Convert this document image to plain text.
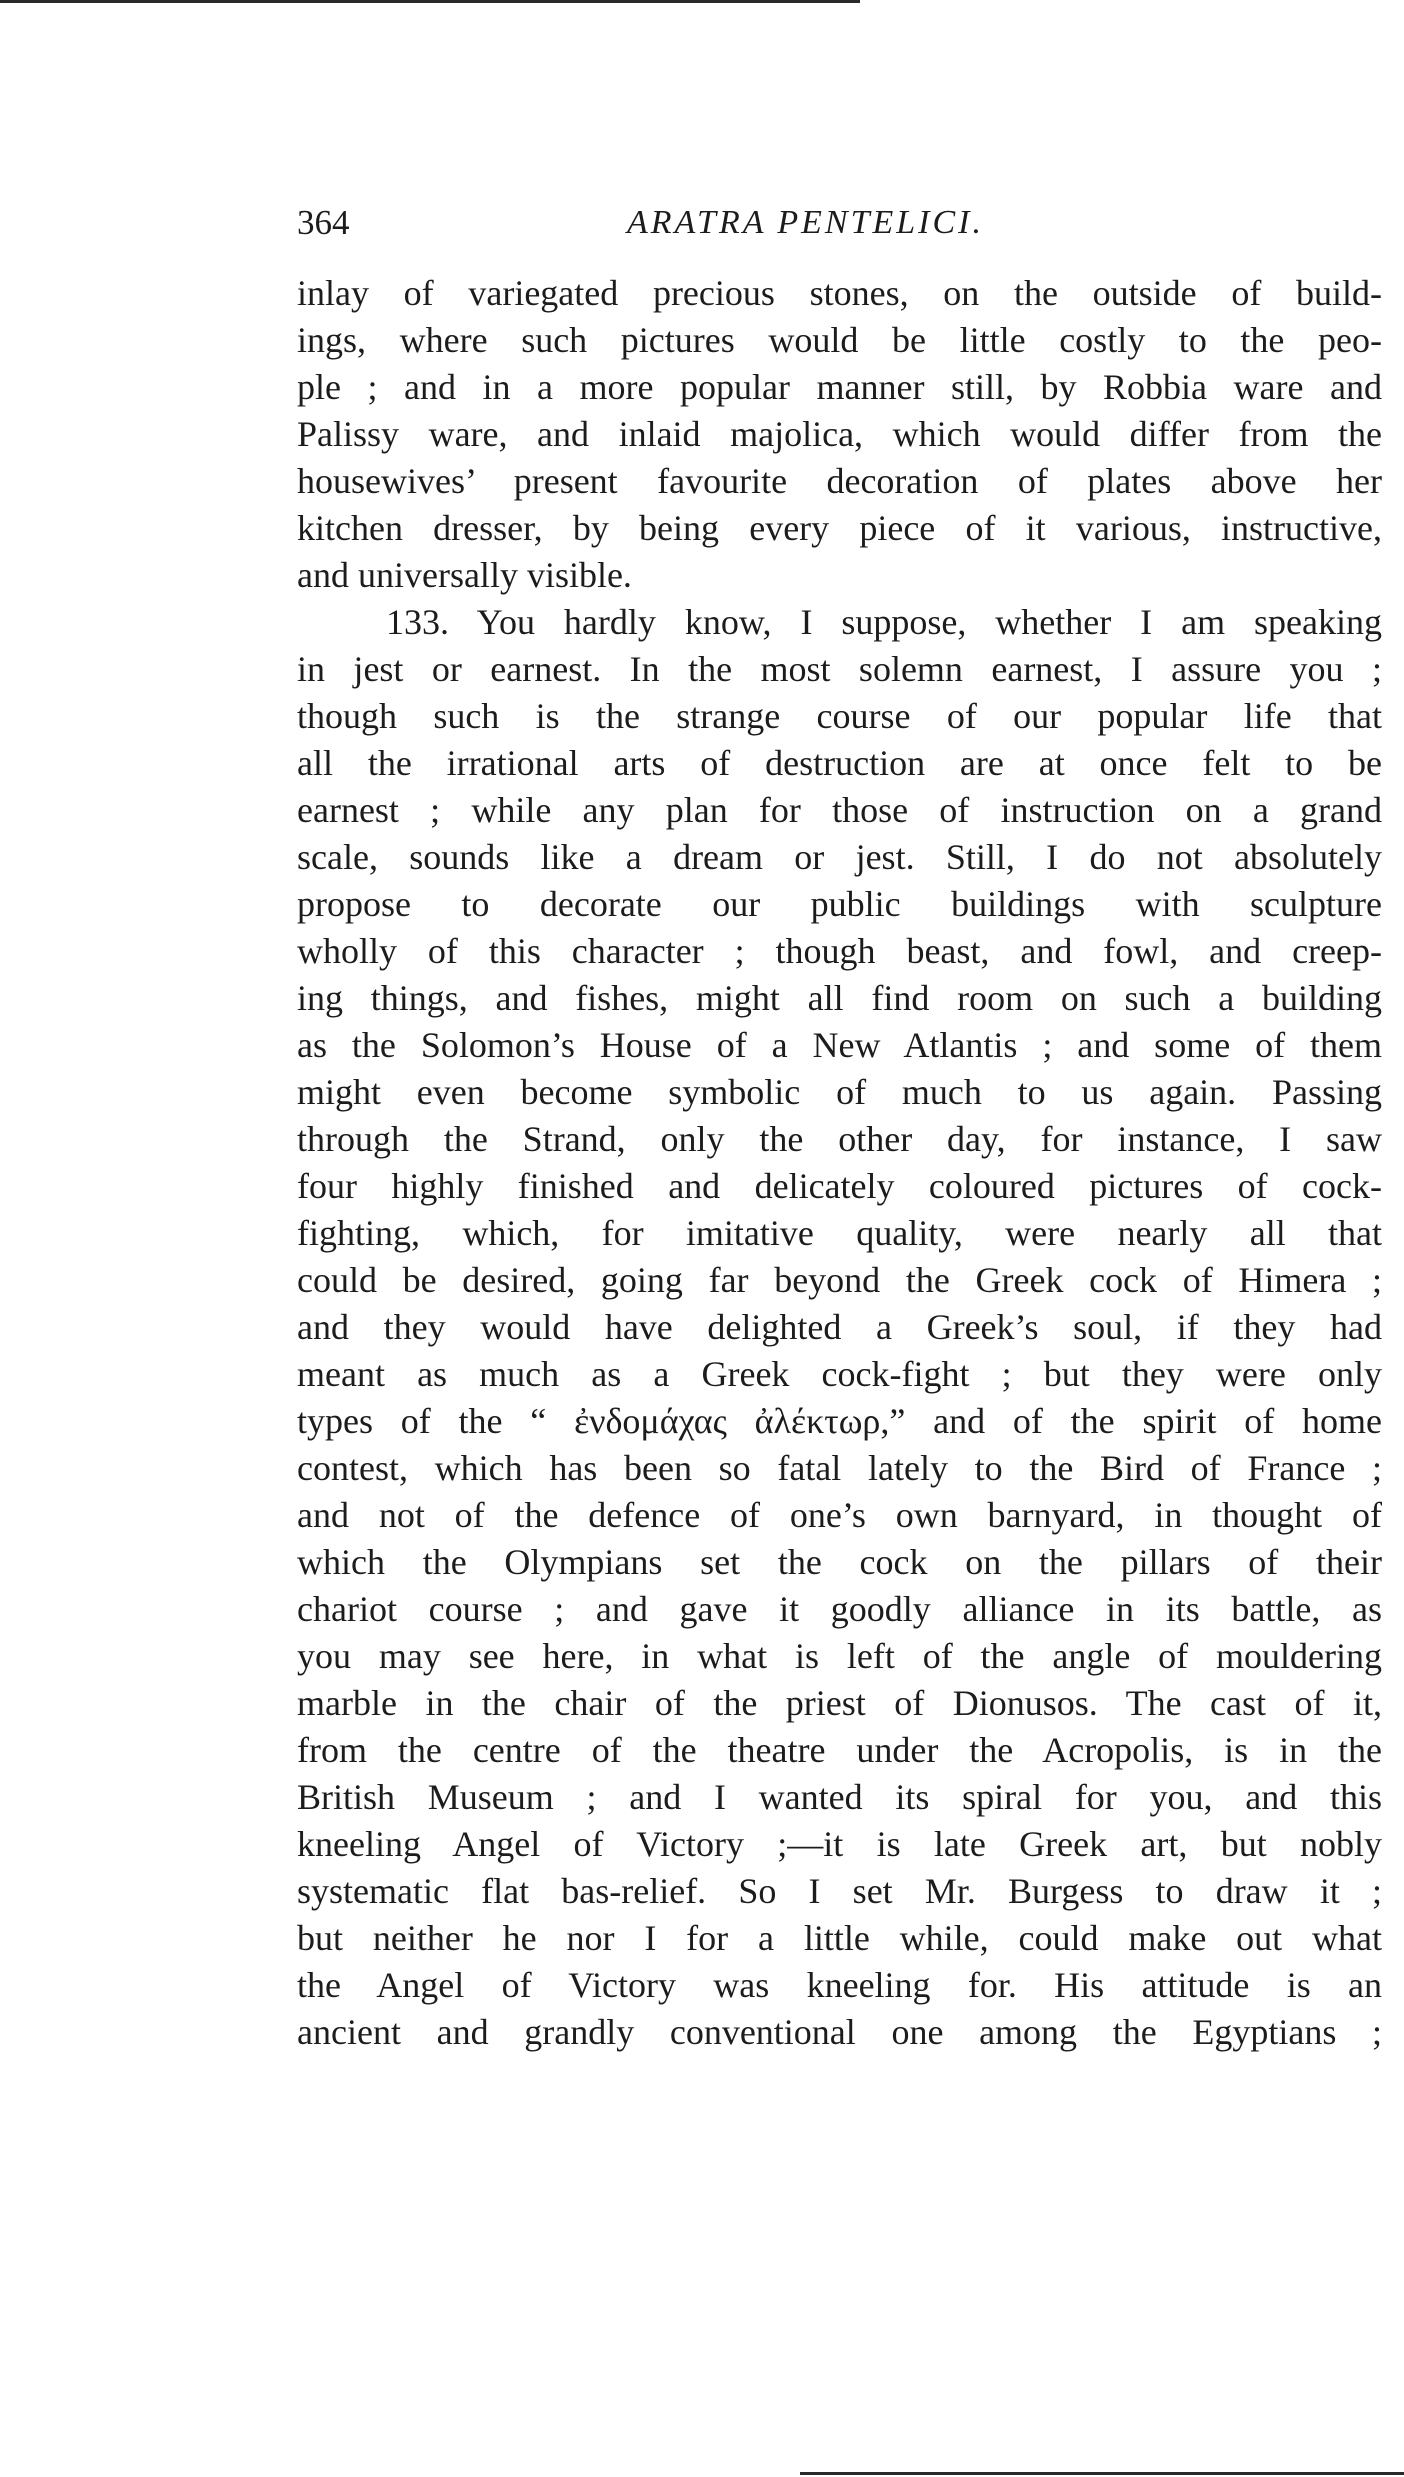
364	ARATRA PENTELICI.
inlay of variegated precious stones, on the outside of build-
ings, where such pictures would be little costly to the peo-
ple ; and in a more popular manner still, by Robbia ware and
Palissy ware, and inlaid majolica, which would differ from the
housewives’ present favourite decoration of plates above her
kitchen dresser, by being every piece of it various, instructive,
and universally visible.
133. You hardly know, I suppose, whether I am speaking
in jest or earnest. In the most solemn earnest, I assure you ;
though such is the strange course of our popular life that
all the irrational arts of destruction are at once felt to be
earnest ; while any plan for those of instruction on a grand
scale, sounds like a dream or jest. Still, I do not absolutely
propose to decorate our public buildings with sculpture
wholly of this character ; though beast, and fowl, and creep-
ing things, and fishes, might all find room on such a building
as the Solomon’s House of a New Atlantis ; and some of them
might even become symbolic of much to us again. Passing
through the Strand, only the other day, for instance, I saw
four highly finished and delicately coloured pictures of cock-
fighting, which, for imitative quality, were nearly all that
could be desired, going far beyond the Greek cock of Himera ;
and they would have delighted a Greek’s soul, if they had
meant as much as a Greek cock-fight ; but they were only
types of the “ ἐνδομάχας ἀλέκτωρ,” and of the spirit of home
contest, which has been so fatal lately to the Bird of France ;
and not of the defence of one’s own barnyard, in thought of
which the Olympians set the cock on the pillars of their
chariot course ; and gave it goodly alliance in its battle, as
you may see here, in what is left of the angle of mouldering
marble in the chair of the priest of Dionusos. The cast of it,
from the centre of the theatre under the Acropolis, is in the
British Museum ; and I wanted its spiral for you, and this
kneeling Angel of Victory ;—it is late Greek art, but nobly
systematic flat bas-relief. So I set Mr. Burgess to draw it ;
but neither he nor I for a little while, could make out what
the Angel of Victory was kneeling for. His attitude is an
ancient and grandly conventional one among the Egyptians ;
